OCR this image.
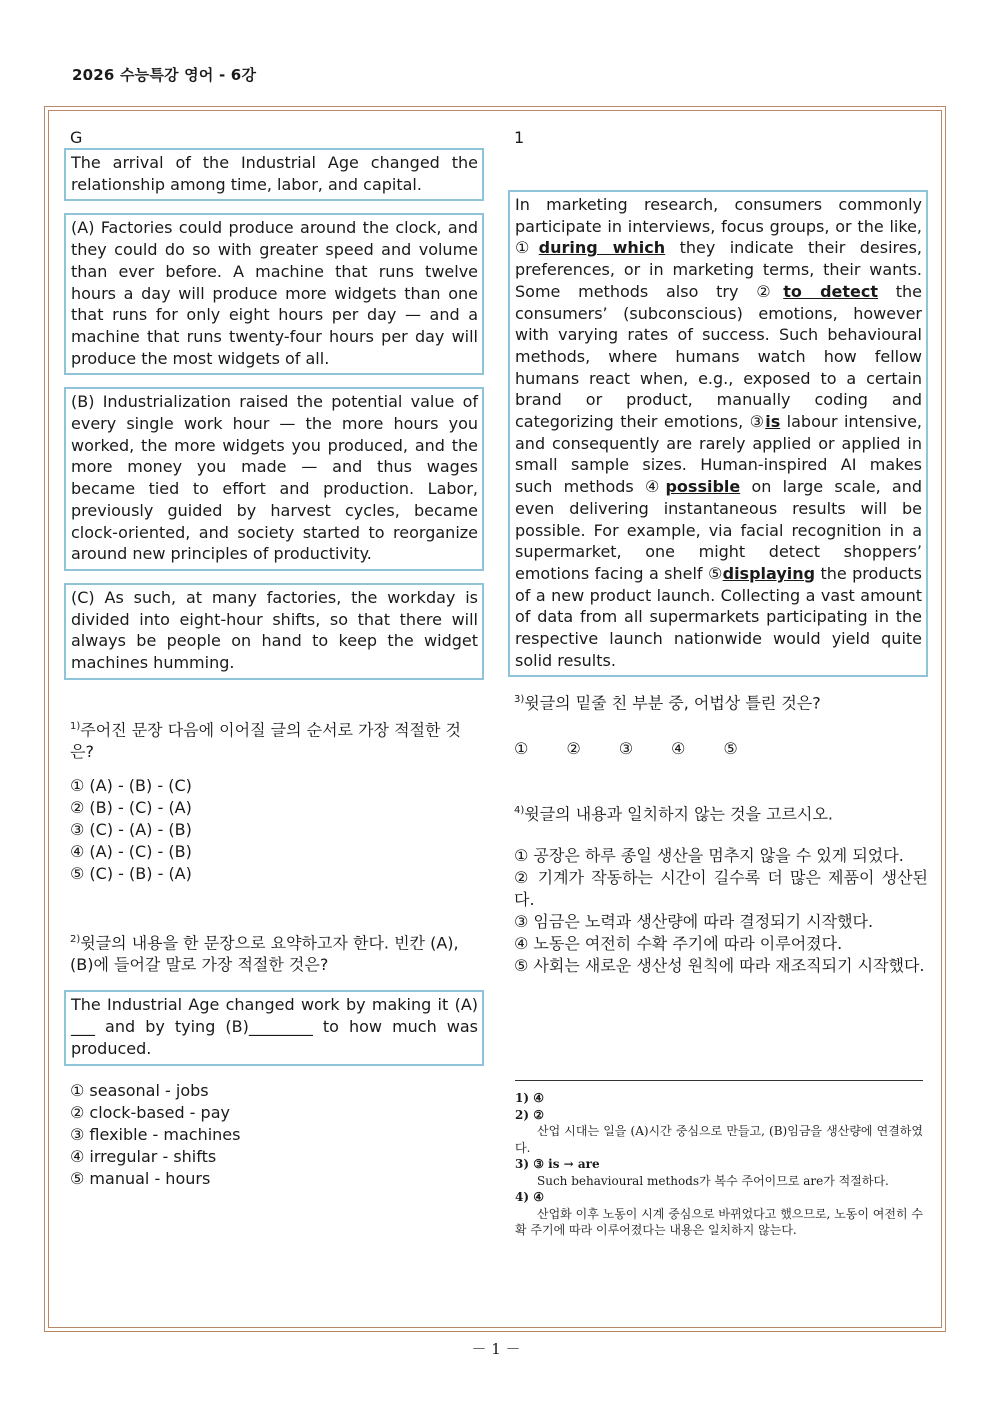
2026 수능특강 영어 - 6강
G
The arrival of the Industrial Age changed the relationship among time, labor, and capital.
(A) Factories could produce around the clock, and they could do so with greater speed and volume than ever before. A machine that runs twelve hours a day will produce more widgets than one that runs for only eight hours per day — and a machine that runs twenty-four hours per day will produce the most widgets of all.
(B) Industrialization raised the potential value of every single work hour — the more hours you worked, the more widgets you produced, and the more money you made — and thus wages became tied to effort and production. Labor, previously guided by harvest cycles, became clock-oriented, and society started to reorganize around new principles of productivity.
(C) As such, at many factories, the workday is divided into eight-hour shifts, so that there will always be people on hand to keep the widget machines humming.
$^{1)}$주어진 문장 다음에 이어질 글의 순서로 가장 적절한 것은?
① (A) - (B) - (C)
② (B) - (C) - (A)
③ (C) - (A) - (B)
④ (A) - (C) - (B)
⑤ (C) - (B) - (A)
$^{2)}$윗글의 내용을 한 문장으로 요약하고자 한다. 빈칸 (A), (B)에 들어갈 말로 가장 적절한 것은?
The Industrial Age changed work by making it (A) ___ and by tying (B)________ to how much was produced.
① seasonal - jobs
② clock-based - pay
③ flexible - machines
④ irregular - shifts
⑤ manual - hours
1
In marketing research, consumers commonly participate in interviews, focus groups, or the like, ①during which they indicate their desires, preferences, or in marketing terms, their wants. Some methods also try ②to detect the consumers’ (subconscious) emotions, however with varying rates of success. Such behavioural methods, where humans watch how fellow humans react when, e.g., exposed to a certain brand or product, manually coding and categorizing their emotions, ③is labour intensive, and consequently are rarely applied or applied in small sample sizes. Human-inspired AI makes such methods ④possible on large scale, and even delivering instantaneous results will be possible. For example, via facial recognition in a supermarket, one might detect shoppers’ emotions facing a shelf ⑤displaying the products of a new product launch. Collecting a vast amount of data from all supermarkets participating in the respective launch nationwide would yield quite solid results.
$^{3)}$윗글의 밑줄 친 부분 중, 어법상 틀린 것은?
① ② ③ ④ ⑤
$^{4)}$윗글의 내용과 일치하지 않는 것을 고르시오.
① 공장은 하루 종일 생산을 멈추지 않을 수 있게 되었다.
② 기계가 작동하는 시간이 길수록 더 많은 제품이 생산된다.
③ 임금은 노력과 생산량에 따라 결정되기 시작했다.
④ 노동은 여전히 수확 주기에 따라 이루어졌다.
⑤ 사회는 새로운 생산성 원칙에 따라 재조직되기 시작했다.
1) ④
2) ②
산업 시대는 일을 (A)시간 중심으로 만들고, (B)임금을 생산량에 연결하였다.
3) ③ is → are
Such behavioural methods가 복수 주어이므로 are가 적절하다.
4) ④
산업화 이후 노동이 시계 중심으로 바뀌었다고 했으므로, 노동이 여전히 수확 주기에 따라 이루어졌다는 내용은 일치하지 않는다.
－ 1 －
